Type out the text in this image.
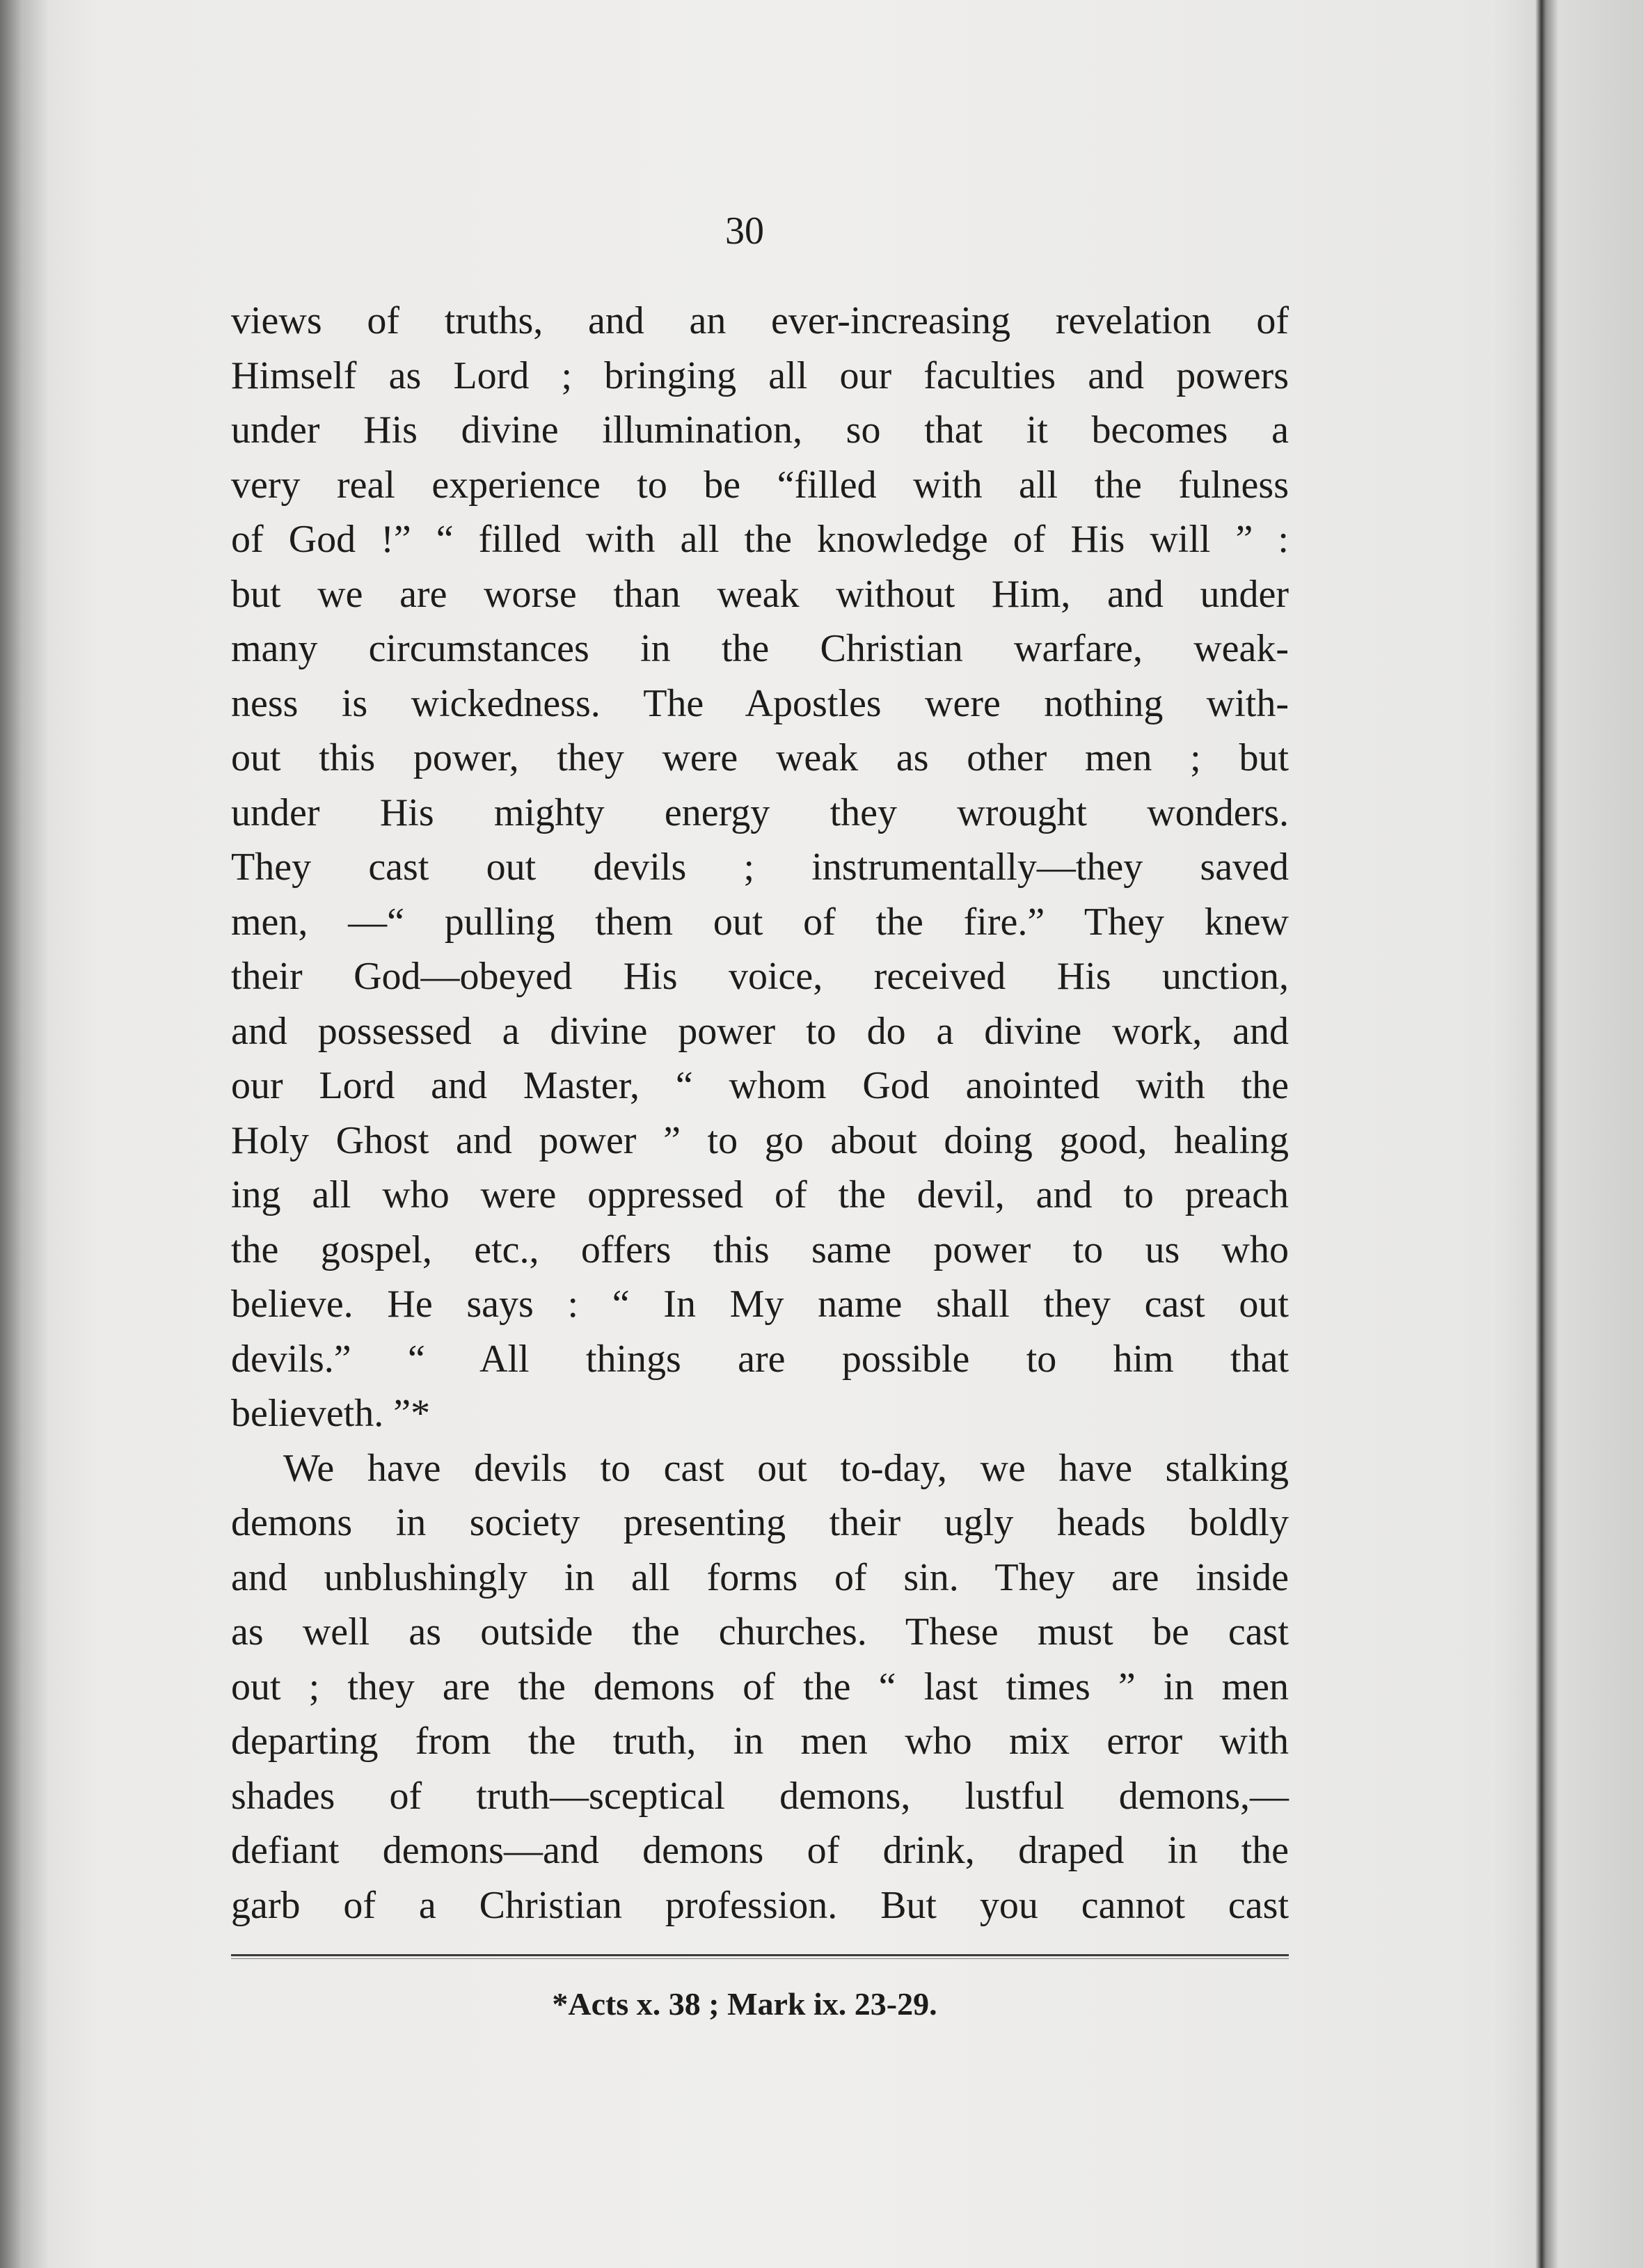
30
views of truths, and an ever-increasing revelation of
Himself as Lord ; bringing all our faculties and powers
under His divine illumination, so that it becomes a
very real experience to be “filled with all the fulness
of God !” “ filled with all the knowledge of His will ” :
but we are worse than weak without Him, and under
many circumstances in the Christian warfare, weak-
ness is wickedness. The Apostles were nothing with-
out this power, they were weak as other men ; but
under His mighty energy they wrought wonders.
They cast out devils ; instrumentally—they saved
men, —“ pulling them out of the fire.” They knew
their God—obeyed His voice, received His unction,
and possessed a divine power to do a divine work, and
our Lord and Master, “ whom God anointed with the
Holy Ghost and power ” to go about doing good, healing
ing all who were oppressed of the devil, and to preach
the gospel, etc., offers this same power to us who
believe. He says : “ In My name shall they cast out
devils.” “ All things are possible to him that
believeth. ”*
We have devils to cast out to-day, we have stalking
demons in society presenting their ugly heads boldly
and unblushingly in all forms of sin. They are inside
as well as outside the churches. These must be cast
out ; they are the demons of the “ last times ” in men
departing from the truth, in men who mix error with
shades of truth—sceptical demons, lustful demons,—
defiant demons—and demons of drink, draped in the
garb of a Christian profession. But you cannot cast
*Acts x. 38 ; Mark ix. 23-29.
